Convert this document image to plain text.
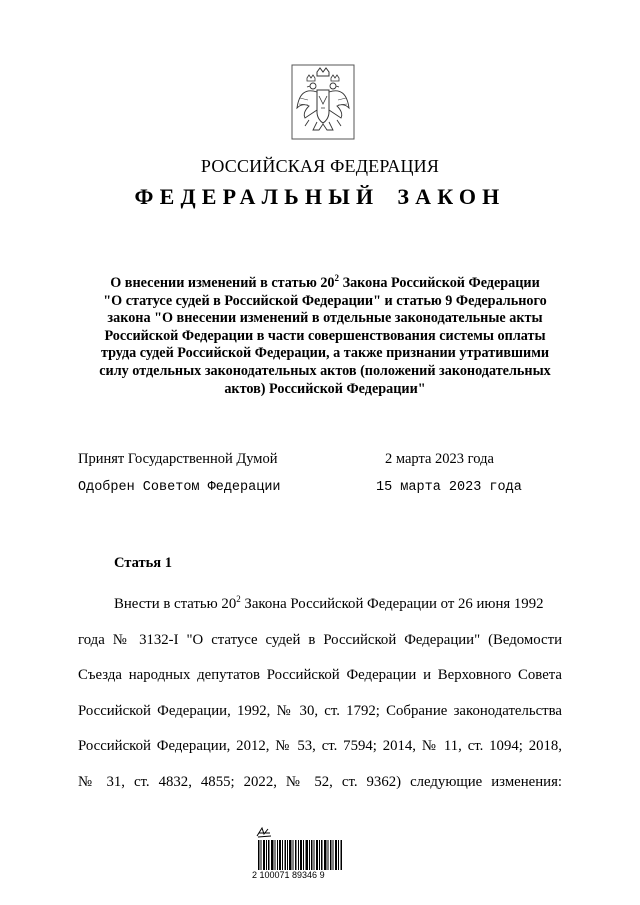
РОССИЙСКАЯ ФЕДЕРАЦИЯ
ФЕДЕРАЛЬНЫЙ ЗАКОН
О внесении изменений в статью $20^2$ Закона Российской Федерации
"О статусе судей в Российской Федерации" и статью 9 Федерального
закона "О внесении изменений в отдельные законодательные акты
Российской Федерации в части совершенствования системы оплаты
труда судей Российской Федерации, а также признании утратившими
силу отдельных законодательных актов (положений законодательных
актов) Российской Федерации"
Принят Государственной Думой	2 марта 2023 года
Одобрен Советом Федерации	15 марта 2023 года
Статья 1
Внести в статью $20^2$ Закона Российской Федерации от 26 июня 1992
года № 3132-I "О статусе судей в Российской Федерации" (Ведомости
Съезда народных депутатов Российской Федерации и Верховного Совета
Российской Федерации, 1992, № 30, ст. 1792; Собрание законодательства
Российской Федерации, 2012, № 53, ст. 7594; 2014, № 11, ст. 1094; 2018,
№ 31, ст. 4832, 4855; 2022, № 52, ст. 9362) следующие изменения:
2 100071 89346 9
